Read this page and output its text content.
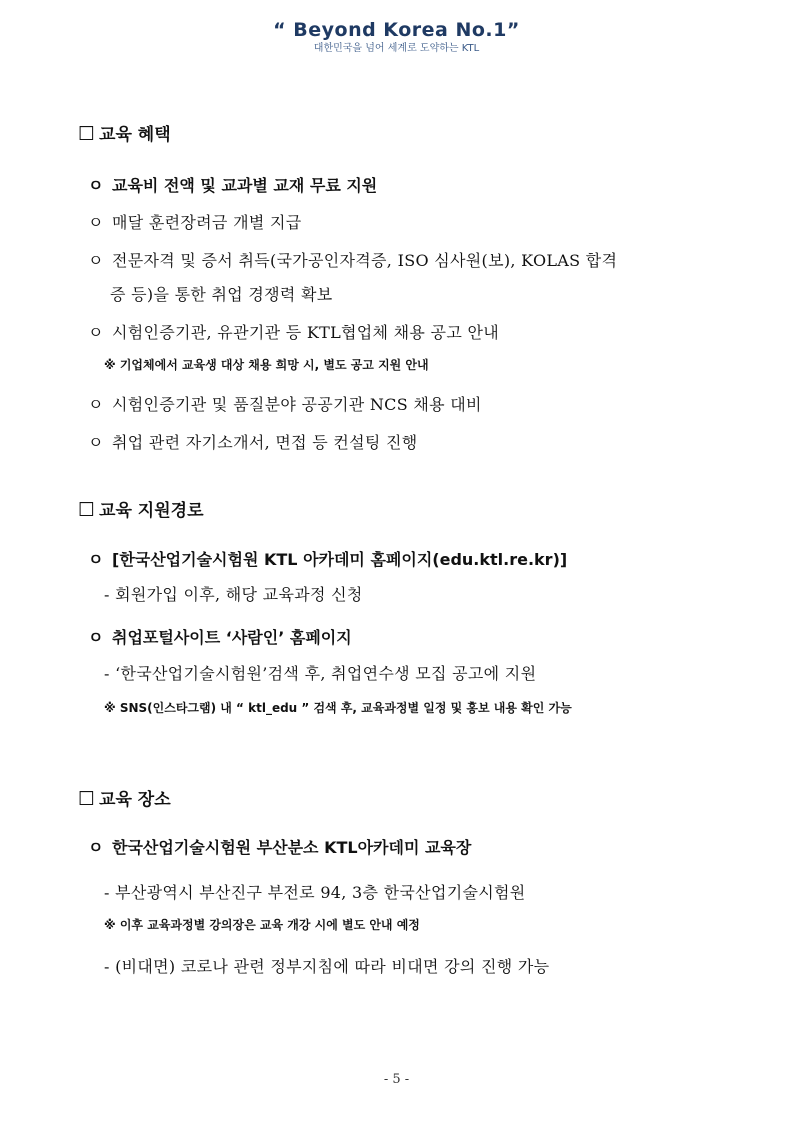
“ Beyond Korea No.1”
대한민국을 넘어 세계로 도약하는 KTL
☐ 교육 혜택
ㅇ 교육비 전액 및 교과별 교재 무료 지원
ㅇ 매달 훈련장려금 개별 지급
ㅇ 전문자격 및 증서 취득(국가공인자격증, ISO 심사원(보), KOLAS 합격
증 등)을 통한 취업 경쟁력 확보
ㅇ 시험인증기관, 유관기관 등 KTL협업체 채용 공고 안내
※ 기업체에서 교육생 대상 채용 희망 시, 별도 공고 지원 안내
ㅇ 시험인증기관 및 품질분야 공공기관 NCS 채용 대비
ㅇ 취업 관련 자기소개서, 면접 등 컨설팅 진행
☐ 교육 지원경로
ㅇ [한국산업기술시험원 KTL 아카데미 홈페이지(edu.ktl.re.kr)]
- 회원가입 이후, 해당 교육과정 신청
ㅇ 취업포털사이트 ‘사람인’ 홈페이지
- ‘한국산업기술시험원’검색 후, 취업연수생 모집 공고에 지원
※ SNS(인스타그램) 내 “ ktl_edu ” 검색 후, 교육과정별 일정 및 홍보 내용 확인 가능
☐ 교육 장소
ㅇ 한국산업기술시험원 부산분소 KTL아카데미 교육장
- 부산광역시 부산진구 부전로 94, 3층 한국산업기술시험원
※ 이후 교육과정별 강의장은 교육 개강 시에 별도 안내 예정
- (비대면) 코로나 관련 정부지침에 따라 비대면 강의 진행 가능
- 5 -
